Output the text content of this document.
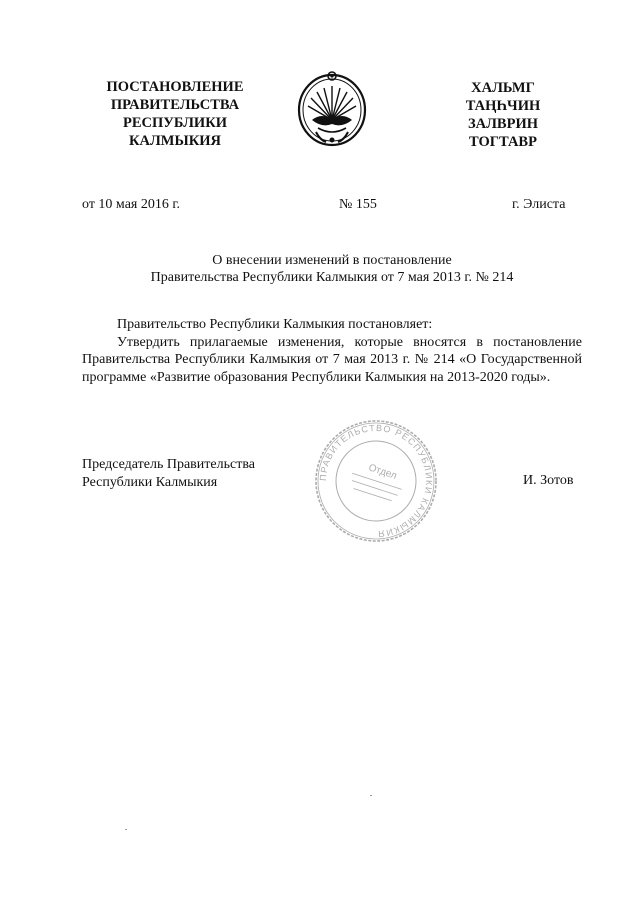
ПОСТАНОВЛЕНИЕ
ПРАВИТЕЛЬСТВА
РЕСПУБЛИКИ
КАЛМЫКИЯ
ХАЛЬМГ
ТАҢҺЧИН
ЗАЛВРИН
ТОГТАВР
от 10 мая 2016 г.	№ 155	г. Элиста
О внесении изменений в постановление
Правительства Республики Калмыкия от 7 мая 2013 г. № 214

Правительство Республики Калмыкия постановляет:

Утвердить прилагаемые изменения, которые вносятся в постановление Правительства Республики Калмыкия от 7 мая 2013 г. № 214 «О Государственной программе «Развитие образования Республики Калмыкия на 2013-2020 годы».

Председатель Правительства
Республики Калмыкия	ПРАВИТЕЛЬСТВО РЕСПУБЛИКИ КАЛМЫКИЯ
Отдел	И. Зотов
